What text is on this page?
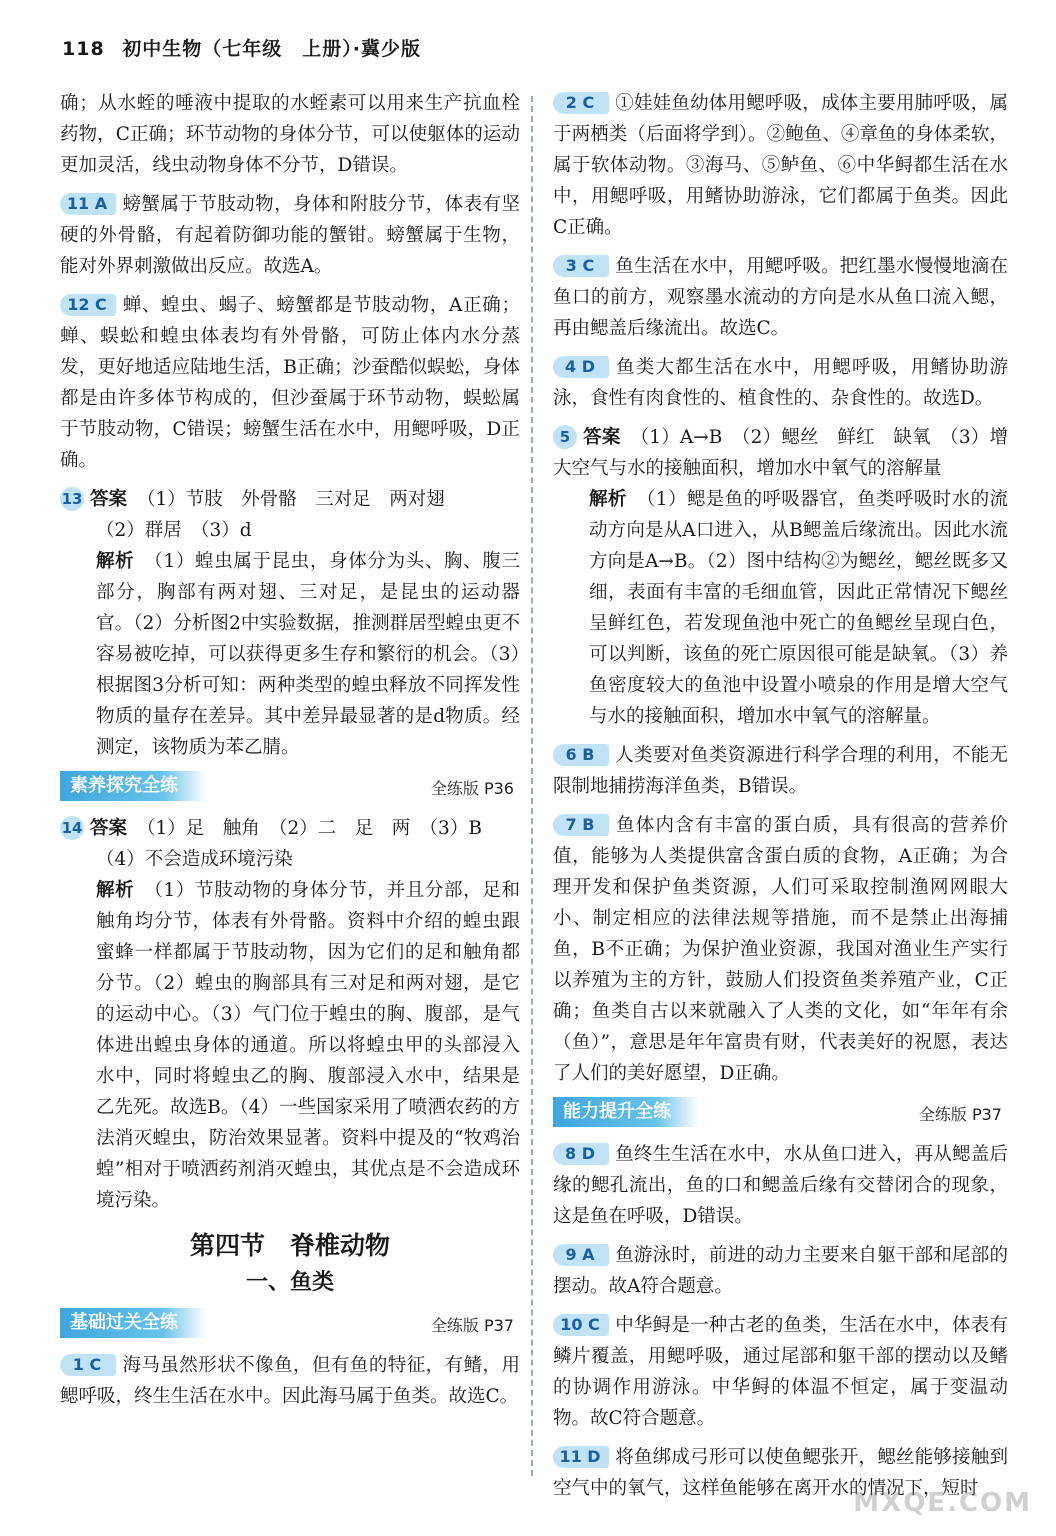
118 初中生物（七年级　上册）·冀少版

确；从水蛭的唾液中提取的水蛭素可以用来生产抗血栓药物，C正确；环节动物的身体分节，可以使躯体的运动更加灵活，线虫动物身体不分节，D错误。

11 A 螃蟹属于节肢动物，身体和附肢分节，体表有坚硬的外骨骼，有起着防御功能的蟹钳。螃蟹属于生物，能对外界刺激做出反应。故选A。

12 C 蝉、蝗虫、蝎子、螃蟹都是节肢动物，A正确；蝉、蜈蚣和蝗虫体表均有外骨骼，可防止体内水分蒸发，更好地适应陆地生活，B正确；沙蚕酷似蜈蚣，身体都是由许多体节构成的，但沙蚕属于环节动物，蜈蚣属于节肢动物，C错误；螃蟹生活在水中，用鳃呼吸，D正确。

13 答案 （1）节肢　外骨骼　三对足　两对翅

（2）群居　（3）d

解析 （1）蝗虫属于昆虫，身体分为头、胸、腹三部分，胸部有两对翅、三对足，是昆虫的运动器官。（2）分析图2中实验数据，推测群居型蝗虫更不容易被吃掉，可以获得更多生存和繁衍的机会。（3）根据图3分析可知：两种类型的蝗虫释放不同挥发性物质的量存在差异。其中差异最显著的是d物质。经测定，该物质为苯乙腈。

素养探究全练	全练版 P36

14 答案 （1）足　触角　（2）二　足　两　（3）B

（4）不会造成环境污染

解析 （1）节肢动物的身体分节，并且分部，足和触角均分节，体表有外骨骼。资料中介绍的蝗虫跟蜜蜂一样都属于节肢动物，因为它们的足和触角都分节。（2）蝗虫的胸部具有三对足和两对翅，是它的运动中心。（3）气门位于蝗虫的胸、腹部，是气体进出蝗虫身体的通道。所以将蝗虫甲的头部浸入水中，同时将蝗虫乙的胸、腹部浸入水中，结果是乙先死。故选B。（4）一些国家采用了喷洒农药的方法消灭蝗虫，防治效果显著。资料中提及的“牧鸡治蝗”相对于喷洒药剂消灭蝗虫，其优点是不会造成环境污染。

第四节　脊椎动物
一、鱼类
基础过关全练	全练版 P37

1 C 海马虽然形状不像鱼，但有鱼的特征，有鳍，用鳃呼吸，终生生活在水中。因此海马属于鱼类。故选C。

2 C ①娃娃鱼幼体用鳃呼吸，成体主要用肺呼吸，属于两栖类（后面将学到）。②鲍鱼、④章鱼的身体柔软，属于软体动物。③海马、⑤鲈鱼、⑥中华鲟都生活在水中，用鳃呼吸，用鳍协助游泳，它们都属于鱼类。因此C正确。

3 C 鱼生活在水中，用鳃呼吸。把红墨水慢慢地滴在鱼口的前方，观察墨水流动的方向是水从鱼口流入鳃，再由鳃盖后缘流出。故选C。

4 D 鱼类大都生活在水中，用鳃呼吸，用鳍协助游泳，食性有肉食性的、植食性的、杂食性的。故选D。

5 答案 （1）A→B　（2）鳃丝　鲜红　缺氧　（3）增大空气与水的接触面积，增加水中氧气的溶解量

解析 （1）鳃是鱼的呼吸器官，鱼类呼吸时水的流动方向是从A口进入，从B鳃盖后缘流出。因此水流方向是A→B。（2）图中结构②为鳃丝，鳃丝既多又细，表面有丰富的毛细血管，因此正常情况下鳃丝呈鲜红色，若发现鱼池中死亡的鱼鳃丝呈现白色，可以判断，该鱼的死亡原因很可能是缺氧。（3）养鱼密度较大的鱼池中设置小喷泉的作用是增大空气与水的接触面积，增加水中氧气的溶解量。

6 B 人类要对鱼类资源进行科学合理的利用，不能无限制地捕捞海洋鱼类，B错误。

7 B 鱼体内含有丰富的蛋白质，具有很高的营养价值，能够为人类提供富含蛋白质的食物，A正确；为合理开发和保护鱼类资源，人们可采取控制渔网网眼大小、制定相应的法律法规等措施，而不是禁止出海捕鱼，B不正确；为保护渔业资源，我国对渔业生产实行以养殖为主的方针，鼓励人们投资鱼类养殖产业，C正确；鱼类自古以来就融入了人类的文化，如“年年有余（鱼）”，意思是年年富贵有财，代表美好的祝愿，表达了人们的美好愿望，D正确。

能力提升全练	全练版 P37

8 D 鱼终生生活在水中，水从鱼口进入，再从鳃盖后缘的鳃孔流出，鱼的口和鳃盖后缘有交替闭合的现象，这是鱼在呼吸，D错误。

9 A 鱼游泳时，前进的动力主要来自躯干部和尾部的摆动。故A符合题意。

10 C 中华鲟是一种古老的鱼类，生活在水中，体表有鳞片覆盖，用鳃呼吸，通过尾部和躯干部的摆动以及鳍的协调作用游泳。中华鲟的体温不恒定，属于变温动物。故C符合题意。

11 D 将鱼绑成弓形可以使鱼鳃张开，鳃丝能够接触到空气中的氧气，这样鱼能够在离开水的情况下，短时

MXQE.COM
